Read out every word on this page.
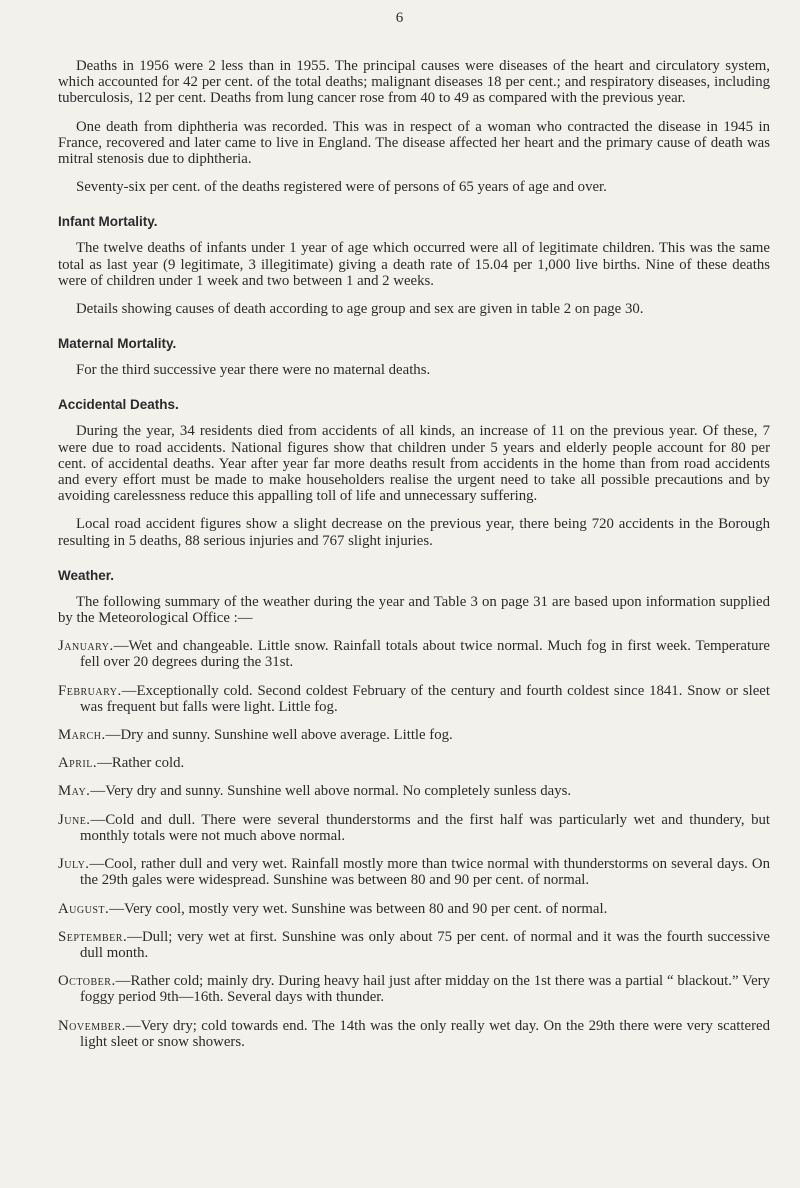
6

Deaths in 1956 were 2 less than in 1955. The principal causes were diseases of the heart and circulatory system, which accounted for 42 per cent. of the total deaths; malignant diseases 18 per cent.; and respiratory diseases, including tuberculosis, 12 per cent. Deaths from lung cancer rose from 40 to 49 as compared with the previous year.

One death from diphtheria was recorded. This was in respect of a woman who contracted the disease in 1945 in France, recovered and later came to live in England. The disease affected her heart and the primary cause of death was mitral stenosis due to diphtheria.

Seventy-six per cent. of the deaths registered were of persons of 65 years of age and over.

Infant Mortality.

The twelve deaths of infants under 1 year of age which occurred were all of legitimate children. This was the same total as last year (9 legitimate, 3 illegitimate) giving a death rate of 15.04 per 1,000 live births. Nine of these deaths were of children under 1 week and two between 1 and 2 weeks.

Details showing causes of death according to age group and sex are given in table 2 on page 30.

Maternal Mortality.

For the third successive year there were no maternal deaths.

Accidental Deaths.

During the year, 34 residents died from accidents of all kinds, an increase of 11 on the previous year. Of these, 7 were due to road accidents. National figures show that children under 5 years and elderly people account for 80 per cent. of accidental deaths. Year after year far more deaths result from accidents in the home than from road accidents and every effort must be made to make householders realise the urgent need to take all possible precautions and by avoiding carelessness reduce this appalling toll of life and unnecessary suffering.

Local road accident figures show a slight decrease on the previous year, there being 720 accidents in the Borough resulting in 5 deaths, 88 serious injuries and 767 slight injuries.

Weather.

The following summary of the weather during the year and Table 3 on page 31 are based upon information supplied by the Meteorological Office :—

January.—Wet and changeable. Little snow. Rainfall totals about twice normal. Much fog in first week. Temperature fell over 20 degrees during the 31st.

February.—Exceptionally cold. Second coldest February of the century and fourth coldest since 1841. Snow or sleet was frequent but falls were light. Little fog.

March.—Dry and sunny. Sunshine well above average. Little fog.

April.—Rather cold.

May.—Very dry and sunny. Sunshine well above normal. No completely sunless days.

June.—Cold and dull. There were several thunderstorms and the first half was particularly wet and thundery, but monthly totals were not much above normal.

July.—Cool, rather dull and very wet. Rainfall mostly more than twice normal with thunderstorms on several days. On the 29th gales were widespread. Sunshine was between 80 and 90 per cent. of normal.

August.—Very cool, mostly very wet. Sunshine was between 80 and 90 per cent. of normal.

September.—Dull; very wet at first. Sunshine was only about 75 per cent. of normal and it was the fourth successive dull month.

October.—Rather cold; mainly dry. During heavy hail just after midday on the 1st there was a partial “ blackout.” Very foggy period 9th—16th. Several days with thunder.

November.—Very dry; cold towards end. The 14th was the only really wet day. On the 29th there were very scattered light sleet or snow showers.
